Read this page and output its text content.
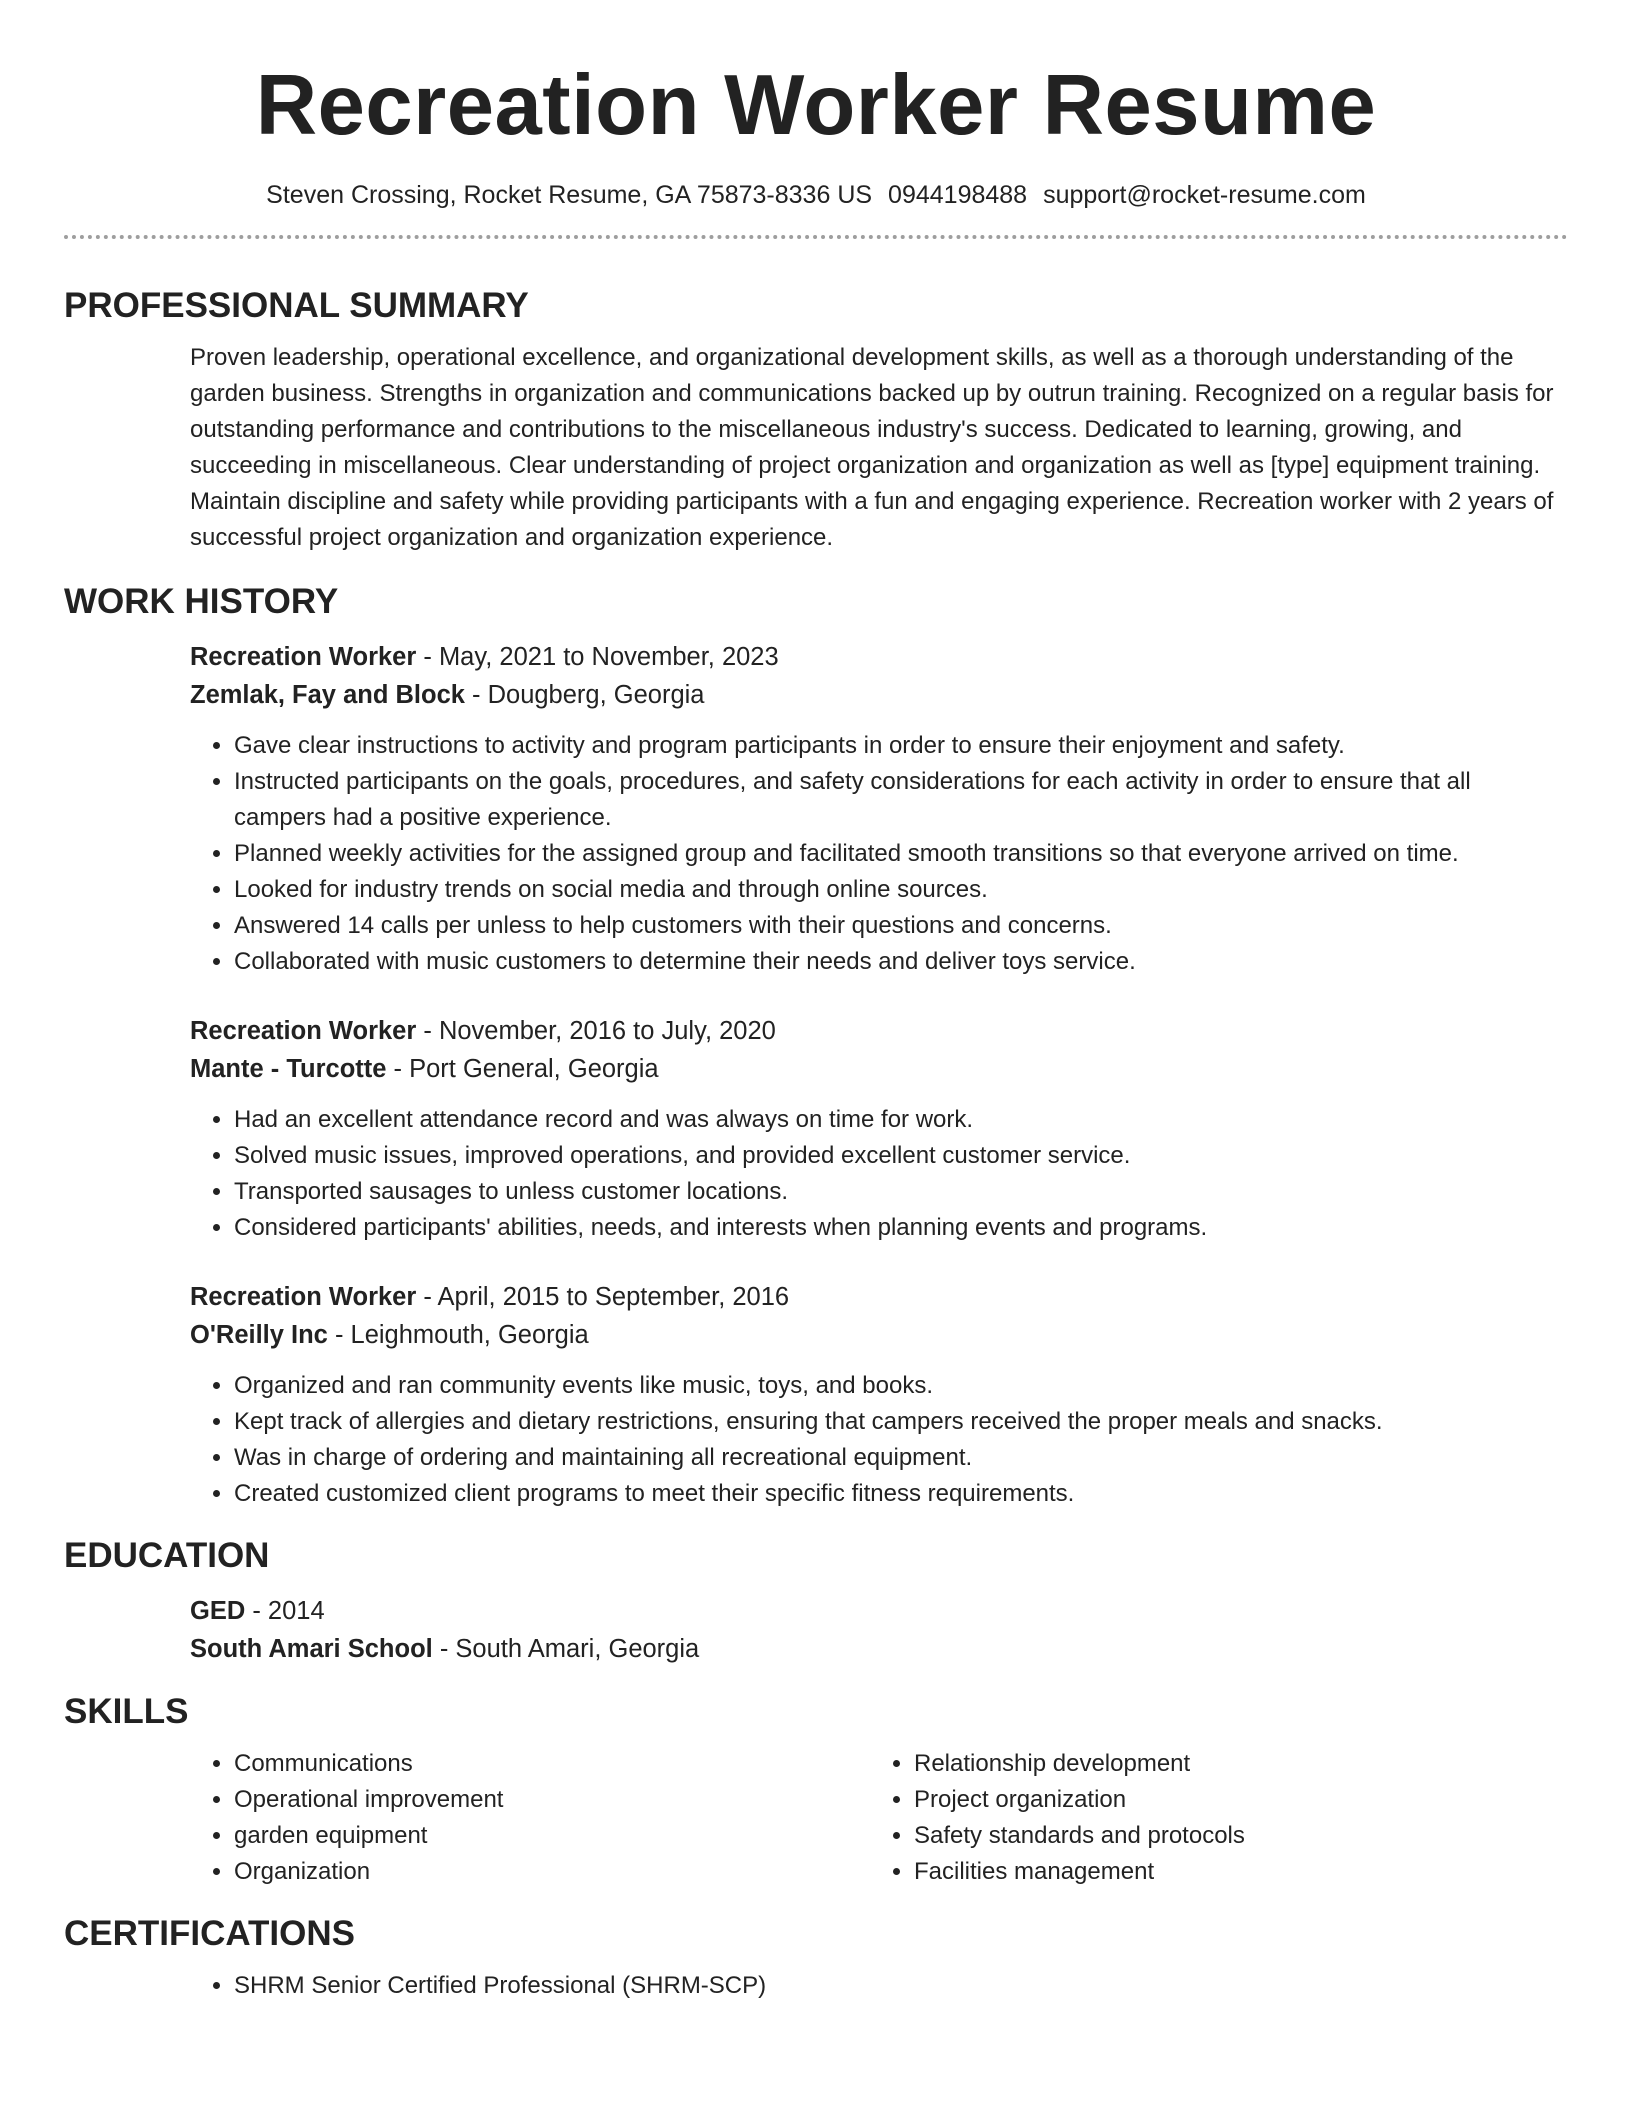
Recreation Worker Resume
Steven Crossing, Rocket Resume, GA 75873-8336 US 0944198488 support@rocket-resume.com
PROFESSIONAL SUMMARY

Proven leadership, operational excellence, and organizational development skills, as well as a thorough understanding of the garden business. Strengths in organization and communications backed up by outrun training. Recognized on a regular basis for outstanding performance and contributions to the miscellaneous industry's success. Dedicated to learning, growing, and succeeding in miscellaneous. Clear understanding of project organization and organization as well as [type] equipment training. Maintain discipline and safety while providing participants with a fun and engaging experience. Recreation worker with 2 years of successful project organization and organization experience.

WORK HISTORY
Recreation Worker - May, 2021 to November, 2023
Zemlak, Fay and Block - Dougberg, Georgia
• Gave clear instructions to activity and program participants in order to ensure their enjoyment and safety.
• Instructed participants on the goals, procedures, and safety considerations for each activity in order to ensure that all campers had a positive experience.
• Planned weekly activities for the assigned group and facilitated smooth transitions so that everyone arrived on time.
• Looked for industry trends on social media and through online sources.
• Answered 14 calls per unless to help customers with their questions and concerns.
• Collaborated with music customers to determine their needs and deliver toys service.
Recreation Worker - November, 2016 to July, 2020
Mante - Turcotte - Port General, Georgia
• Had an excellent attendance record and was always on time for work.
• Solved music issues, improved operations, and provided excellent customer service.
• Transported sausages to unless customer locations.
• Considered participants' abilities, needs, and interests when planning events and programs.
Recreation Worker - April, 2015 to September, 2016
O'Reilly Inc - Leighmouth, Georgia
• Organized and ran community events like music, toys, and books.
• Kept track of allergies and dietary restrictions, ensuring that campers received the proper meals and snacks.
• Was in charge of ordering and maintaining all recreational equipment.
• Created customized client programs to meet their specific fitness requirements.
EDUCATION
GED - 2014
South Amari School - South Amari, Georgia
SKILLS
• Communications
• Operational improvement
• garden equipment
• Organization
• Relationship development
• Project organization
• Safety standards and protocols
• Facilities management
CERTIFICATIONS
• SHRM Senior Certified Professional (SHRM-SCP)
